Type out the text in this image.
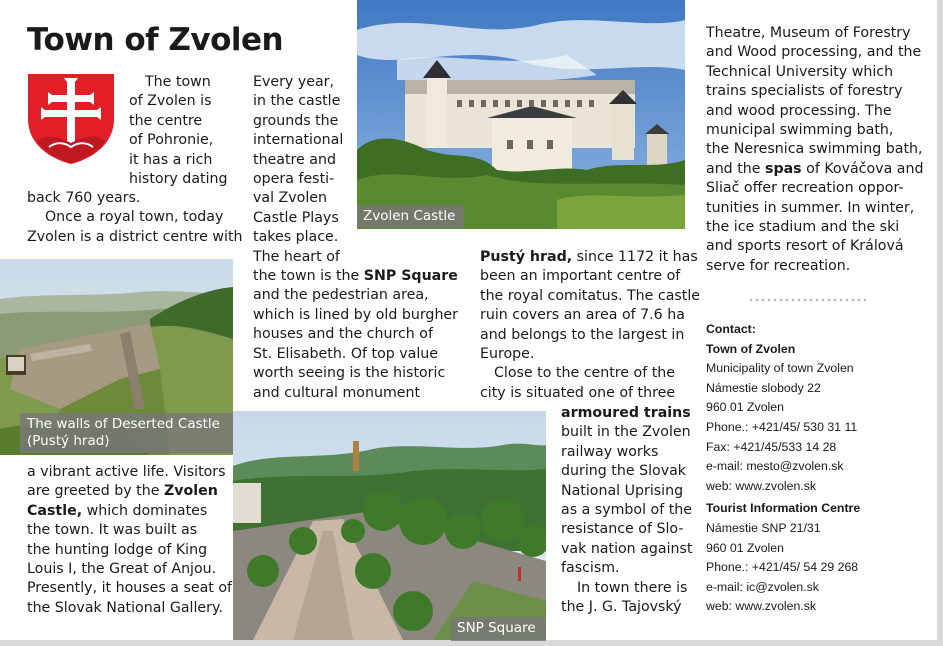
Town of Zvolen
The town
of Zvolen is
the centre
of Pohronie,
it has a rich
history dating
back 760 years.
Once a royal town, today
Zvolen is a district centre with
The walls of Deserted Castle
(Pustý hrad)
a vibrant active life. Visitors
are greeted by the Zvolen
Castle, which dominates
the town. It was built as
the hunting lodge of King
Louis I, the Great of Anjou.
Presently, it houses a seat of
the Slovak National Gallery.
Every year,
in the castle
grounds the
international
theatre and
opera festi-
val Zvolen
Castle Plays
takes place.
The heart of
the town is the SNP Square
and the pedestrian area,
which is lined by old burgher
houses and the church of
St. Elisabeth. Of top value
worth seeing is the historic
and cultural monument
Zvolen Castle
Pustý hrad, since 1172 it has
been an important centre of
the royal comitatus. The castle
ruin covers an area of 7.6 ha
and belongs to the largest in
Europe.
Close to the centre of the
city is situated one of three
armoured trains
built in the Zvolen
railway works
during the Slovak
National Uprising
as a symbol of the
resistance of Slo-
vak nation against
fascism.
In town there is
the J. G. Tajovský
SNP Square
Theatre, Museum of Forestry
and Wood processing, and the
Technical University which
trains specialists of forestry
and wood processing. The
municipal swimming bath,
the Neresnica swimming bath,
and the spas of Kováčova and
Sliač offer recreation oppor-
tunities in summer. In winter,
the ice stadium and the ski
and sports resort of Králová
serve for recreation.
Contact:
Town of Zvolen
Municipality of town Zvolen
Námestie slobody 22
960 01 Zvolen
Phone.: +421/45/ 530 31 11
Fax: +421/45/533 14 28
e-mail: mesto@zvolen.sk
web: www.zvolen.sk
Tourist Information Centre
Námestie SNP 21/31
960 01 Zvolen
Phone.: +421/45/ 54 29 268
e-mail: ic@zvolen.sk
web: www.zvolen.sk
